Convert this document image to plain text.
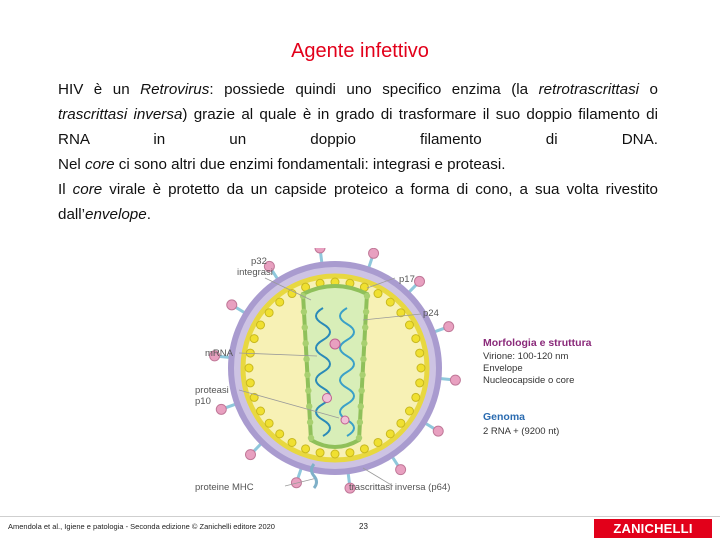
Agente infettivo

HIV è un Retrovirus: possiede quindi uno specifico enzima (la retrotrascrittasi o trascrittasi inversa) grazie al quale è in grado di trasformare il suo doppio filamento di RNA in un doppio filamento di DNA.

Nel core ci sono altri due enzimi fondamentali: integrasi e proteasi.

Il core virale è protetto da un capside proteico a forma di cono, a sua volta rivestito dall’envelope.

p32
integrasi
p17
p24
mRNA
proteasi
p10
proteine MHC	trascrittasi inversa (p64)
Morfologia e struttura
Virione: 100-120 nm
Envelope
Nucleocapside o core
Genoma
2 RNA + (9200 nt)
Amendola et al., Igiene e patologia - Seconda edizione © Zanichelli editore 2020	23	ZANICHELLI
